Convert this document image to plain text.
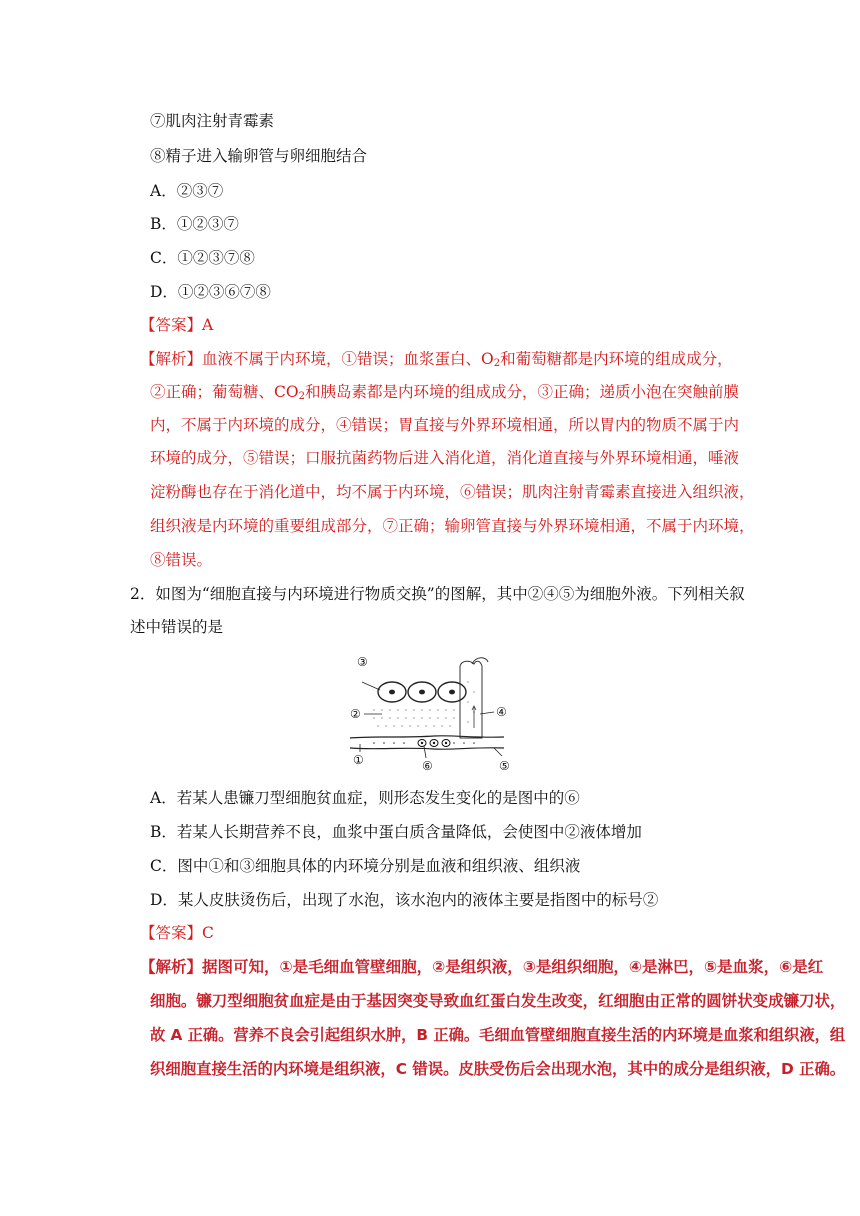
⑦肌肉注射青霉素
⑧精子进入输卵管与卵细胞结合
A．②③⑦
B．①②③⑦
C．①②③⑦⑧
D．①②③⑥⑦⑧
【答案】A
【解析】血液不属于内环境，①错误；血浆蛋白、$O_2$和葡萄糖都是内环境的组成成分，
②正确；葡萄糖、$CO_2$和胰岛素都是内环境的组成成分，③正确；递质小泡在突触前膜
内，不属于内环境的成分，④错误；胃直接与外界环境相通，所以胃内的物质不属于内
环境的成分，⑤错误；口服抗菌药物后进入消化道，消化道直接与外界环境相通，唾液
淀粉酶也存在于消化道中，均不属于内环境，⑥错误；肌肉注射青霉素直接进入组织液，
组织液是内环境的重要组成部分，⑦正确；输卵管直接与外界环境相通，不属于内环境，
⑧错误。
2．如图为“细胞直接与内环境进行物质交换”的图解，其中②④⑤为细胞外液。下列相关叙
述中错误的是
③
②	④
①	⑥	⑤
A．若某人患镰刀型细胞贫血症，则形态发生变化的是图中的⑥
B．若某人长期营养不良，血浆中蛋白质含量降低，会使图中②液体增加
C．图中①和③细胞具体的内环境分别是血液和组织液、组织液
D．某人皮肤烫伤后，出现了水泡，该水泡内的液体主要是指图中的标号②
【答案】C
【解析】据图可知，①是毛细血管壁细胞，②是组织液，③是组织细胞，④是淋巴，⑤是血浆，⑥是红
细胞。镰刀型细胞贫血症是由于基因突变导致血红蛋白发生改变，红细胞由正常的圆饼状变成镰刀状，
故 A 正确。营养不良会引起组织水肿，B 正确。毛细血管壁细胞直接生活的内环境是血浆和组织液，组
织细胞直接生活的内环境是组织液，C 错误。皮肤受伤后会出现水泡，其中的成分是组织液，D 正确。
